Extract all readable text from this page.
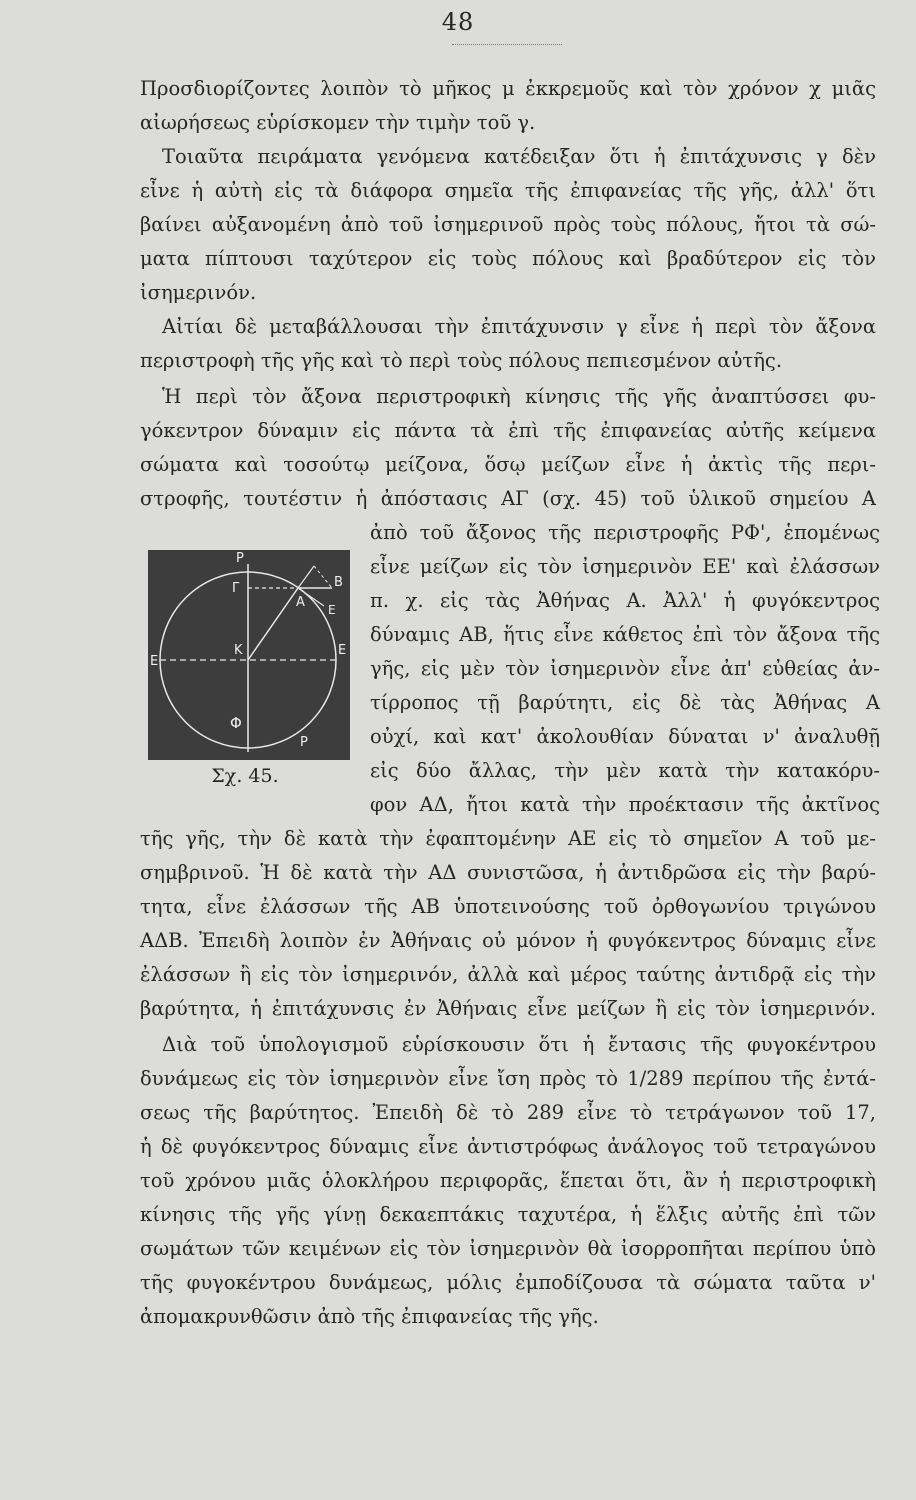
48

Προσδιορίζοντες λοιπὸν τὸ μῆκος μ ἐκκρεμοῦς καὶ τὸν χρόνον χ μιᾶς

αἰωρήσεως εὑρίσκομεν τὴν τιμὴν τοῦ γ.

Τοιαῦτα πειράματα γενόμενα κατέδειξαν ὅτι ἡ ἐπιτάχυνσις γ δὲν

εἶνε ἡ αὐτὴ εἰς τὰ διάφορα σημεῖα τῆς ἐπιφανείας τῆς γῆς, ἀλλ' ὅτι

βαίνει αὐξανομένη ἀπὸ τοῦ ἰσημερινοῦ πρὸς τοὺς πόλους, ἤτοι τὰ σώ-

ματα πίπτουσι ταχύτερον εἰς τοὺς πόλους καὶ βραδύτερον εἰς τὸν

ἰσημερινόν.

Αἰτίαι δὲ μεταβάλλουσαι τὴν ἐπιτάχυνσιν γ εἶνε ἡ περὶ τὸν ἄξονα

περιστροφὴ τῆς γῆς καὶ τὸ περὶ τοὺς πόλους πεπιεσμένον αὐτῆς.

Ἡ περὶ τὸν ἄξονα περιστροφικὴ κίνησις τῆς γῆς ἀναπτύσσει φυ-

γόκεντρον δύναμιν εἰς πάντα τὰ ἐπὶ τῆς ἐπιφανείας αὐτῆς κείμενα

σώματα καὶ τοσούτῳ μείζονα, ὅσῳ μείζων εἶνε ἡ ἀκτὶς τῆς περι-

στροφῆς, τουτέστιν ἡ ἀπόστασις ΑΓ (σχ. 45) τοῦ ὑλικοῦ σημείου Α

P
Γ
A
B
E
K
E
E
Φ
P
Σχ. 45.

ἀπὸ τοῦ ἄξονος τῆς περιστροφῆς ΡΦ', ἑπομένως

εἶνε μείζων εἰς τὸν ἰσημερινὸν ΕΕ' καὶ ἐλάσσων

π. χ. εἰς τὰς Ἀθήνας Α. Ἀλλ' ἡ φυγόκεντρος

δύναμις ΑΒ, ἥτις εἶνε κάθετος ἐπὶ τὸν ἄξονα τῆς

γῆς, εἰς μὲν τὸν ἰσημερινὸν εἶνε ἀπ' εὐθείας ἀν-

τίρροπος τῇ βαρύτητι, εἰς δὲ τὰς Ἀθήνας Α

οὐχί, καὶ κατ' ἀκολουθίαν δύναται ν' ἀναλυθῇ

εἰς δύο ἄλλας, τὴν μὲν κατὰ τὴν κατακόρυ-

φον ΑΔ, ἤτοι κατὰ τὴν προέκτασιν τῆς ἀκτῖνος

τῆς γῆς, τὴν δὲ κατὰ τὴν ἐφαπτομένην ΑΕ εἰς τὸ σημεῖον Α τοῦ με-

σημβρινοῦ. Ἡ δὲ κατὰ τὴν ΑΔ συνιστῶσα, ἡ ἀντιδρῶσα εἰς τὴν βαρύ-

τητα, εἶνε ἐλάσσων τῆς ΑΒ ὑποτεινούσης τοῦ ὀρθογωνίου τριγώνου

ΑΔΒ. Ἐπειδὴ λοιπὸν ἐν Ἀθήναις οὐ μόνον ἡ φυγόκεντρος δύναμις εἶνε

ἐλάσσων ἢ εἰς τὸν ἰσημερινόν, ἀλλὰ καὶ μέρος ταύτης ἀντιδρᾷ εἰς τὴν

βαρύτητα, ἡ ἐπιτάχυνσις ἐν Ἀθήναις εἶνε μείζων ἢ εἰς τὸν ἰσημερινόν.

Διὰ τοῦ ὑπολογισμοῦ εὑρίσκουσιν ὅτι ἡ ἔντασις τῆς φυγοκέντρου

δυνάμεως εἰς τὸν ἰσημερινὸν εἶνε ἴση πρὸς τὸ 1/289 περίπου τῆς ἐντά-

σεως τῆς βαρύτητος. Ἐπειδὴ δὲ τὸ 289 εἶνε τὸ τετράγωνον τοῦ 17,

ἡ δὲ φυγόκεντρος δύναμις εἶνε ἀντιστρόφως ἀνάλογος τοῦ τετραγώνου

τοῦ χρόνου μιᾶς ὁλοκλήρου περιφορᾶς, ἕπεται ὅτι, ἂν ἡ περιστροφικὴ

κίνησις τῆς γῆς γίνῃ δεκαεπτάκις ταχυτέρα, ἡ ἕλξις αὐτῆς ἐπὶ τῶν

σωμάτων τῶν κειμένων εἰς τὸν ἰσημερινὸν θὰ ἰσορροπῆται περίπου ὑπὸ

τῆς φυγοκέντρου δυνάμεως, μόλις ἐμποδίζουσα τὰ σώματα ταῦτα ν'

ἀπομακρυνθῶσιν ἀπὸ τῆς ἐπιφανείας τῆς γῆς.
